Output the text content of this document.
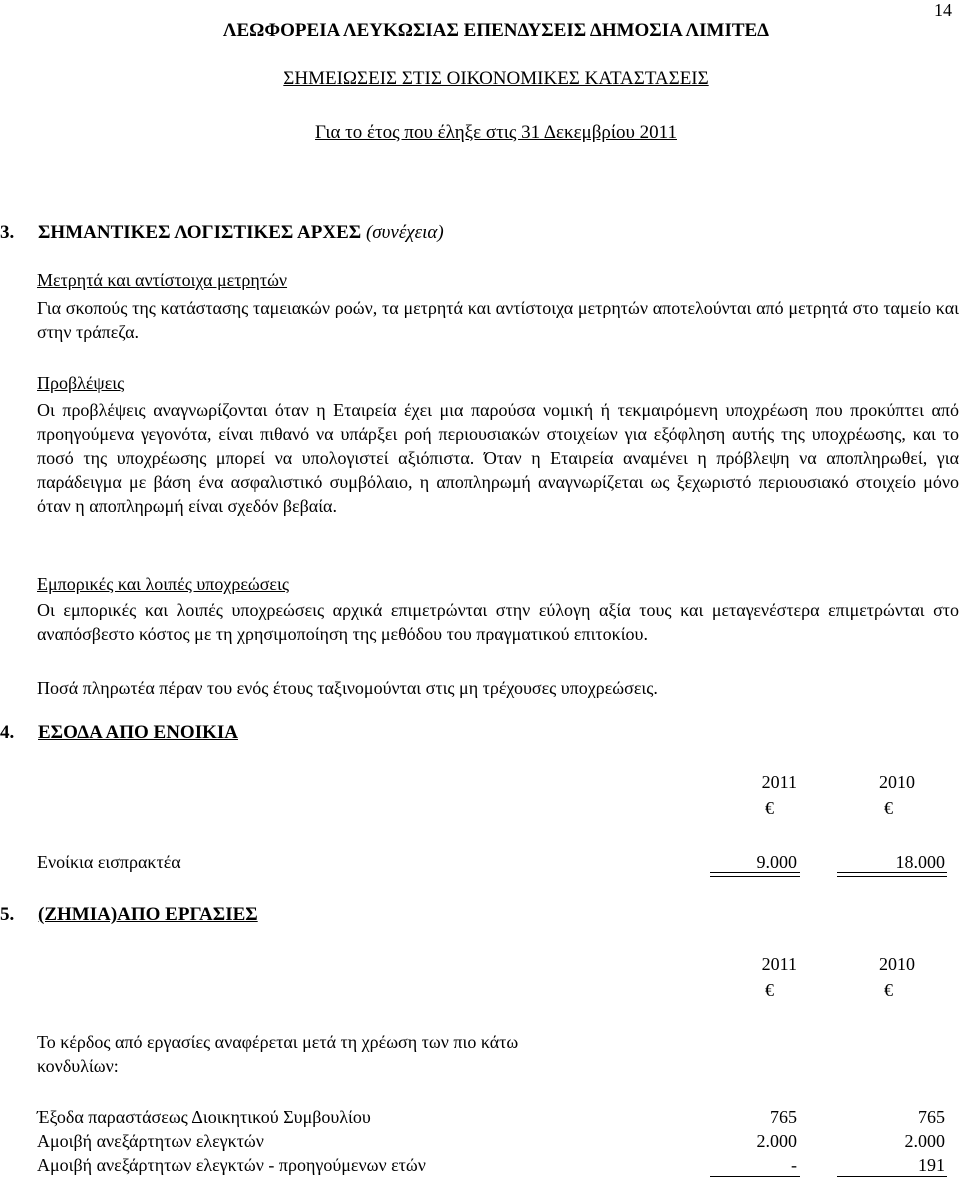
14
ΛΕΩΦΟΡΕΙΑ ΛΕΥΚΩΣΙΑΣ ΕΠΕΝΔΥΣΕΙΣ ΔΗΜΟΣΙΑ ΛΙΜΙΤΕΔ
ΣΗΜΕΙΩΣΕΙΣ ΣΤΙΣ ΟΙΚΟΝΟΜΙΚΕΣ ΚΑΤΑΣΤΑΣΕΙΣ
Για το έτος που έληξε στις 31 Δεκεμβρίου 2011
3. ΣΗΜΑΝΤΙΚΕΣ ΛΟΓΙΣΤΙΚΕΣ ΑΡΧΕΣ (συνέχεια)
Μετρητά και αντίστοιχα μετρητών

Για σκοπούς της κατάστασης ταμειακών ροών, τα μετρητά και αντίστοιχα μετρητών αποτελούνται από μετρητά στο ταμείο και στην τράπεζα.

Προβλέψεις

Οι προβλέψεις αναγνωρίζονται όταν η Εταιρεία έχει μια παρούσα νομική ή τεκμαιρόμενη υποχρέωση που προκύπτει από προηγούμενα γεγονότα, είναι πιθανό να υπάρξει ροή περιουσιακών στοιχείων για εξόφληση αυτής της υποχρέωσης, και το ποσό της υποχρέωσης μπορεί να υπολογιστεί αξιόπιστα. Όταν η Εταιρεία αναμένει η πρόβλεψη να αποπληρωθεί, για παράδειγμα με βάση ένα ασφαλιστικό συμβόλαιο, η αποπληρωμή αναγνωρίζεται ως ξεχωριστό περιουσιακό στοιχείο μόνο όταν η αποπληρωμή είναι σχεδόν βεβαία.

Εμπορικές και λοιπές υποχρεώσεις

Οι εμπορικές και λοιπές υποχρεώσεις αρχικά επιμετρώνται στην εύλογη αξία τους και μεταγενέστερα επιμετρώνται στο αναπόσβεστο κόστος με τη χρησιμοποίηση της μεθόδου του πραγματικού επιτοκίου.

Ποσά πληρωτέα πέραν του ενός έτους ταξινομούνται στις μη τρέχουσες υποχρεώσεις.

4. ΕΣΟΔΑ ΑΠΟ ΕΝΟΙΚΙΑ
2011	2010
€	€
Ενοίκια εισπρακτέα	9.000	18.000
5. (ΖΗΜΙΑ)ΑΠΟ ΕΡΓΑΣΙΕΣ
2011	2010
€	€
Το κέρδος από εργασίες αναφέρεται μετά τη χρέωση των πιο κάτω
κονδυλίων:
Έξοδα παραστάσεως Διοικητικού Συμβουλίου	765	765
Αμοιβή ανεξάρτητων ελεγκτών	2.000	2.000
Αμοιβή ανεξάρτητων ελεγκτών - προηγούμενων ετών	-	191
